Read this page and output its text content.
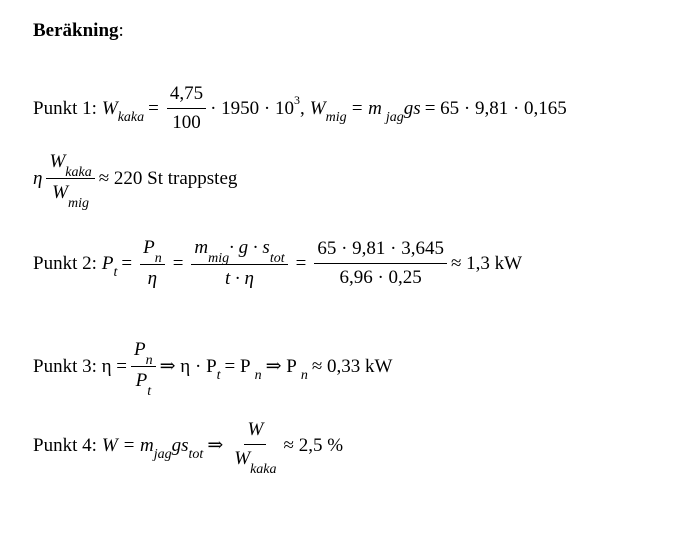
Beräkning :
Punkt 1: W kaka = $\frac{4,75}{100} \cdot 1950 \cdot 10$ 3 , W mig = m jag gs = 65 · 9,81 · 0,165
η $\frac{W_{kaka}}{W_{mig}} \approx 220$ St trappsteg
Punkt 2: P $t = \frac{P_n}{\eta} = \frac{m_{mig}\cdot g \cdot s_{tot}}{t \cdot \eta} = \frac{65 \cdot 9,81 \cdot 3,645}{6,96 \cdot 0,25} \approx 1,3$ kW
Punkt 3: $\eta = \frac{P_n}{P_t}$ ⇒ η · P t = P n ⇒ P n ≈ 0,33 kW
Punkt 4: W = m jag gs tot ⇒ $\frac{W}{W_{kaka}} \approx 2,5$ %
